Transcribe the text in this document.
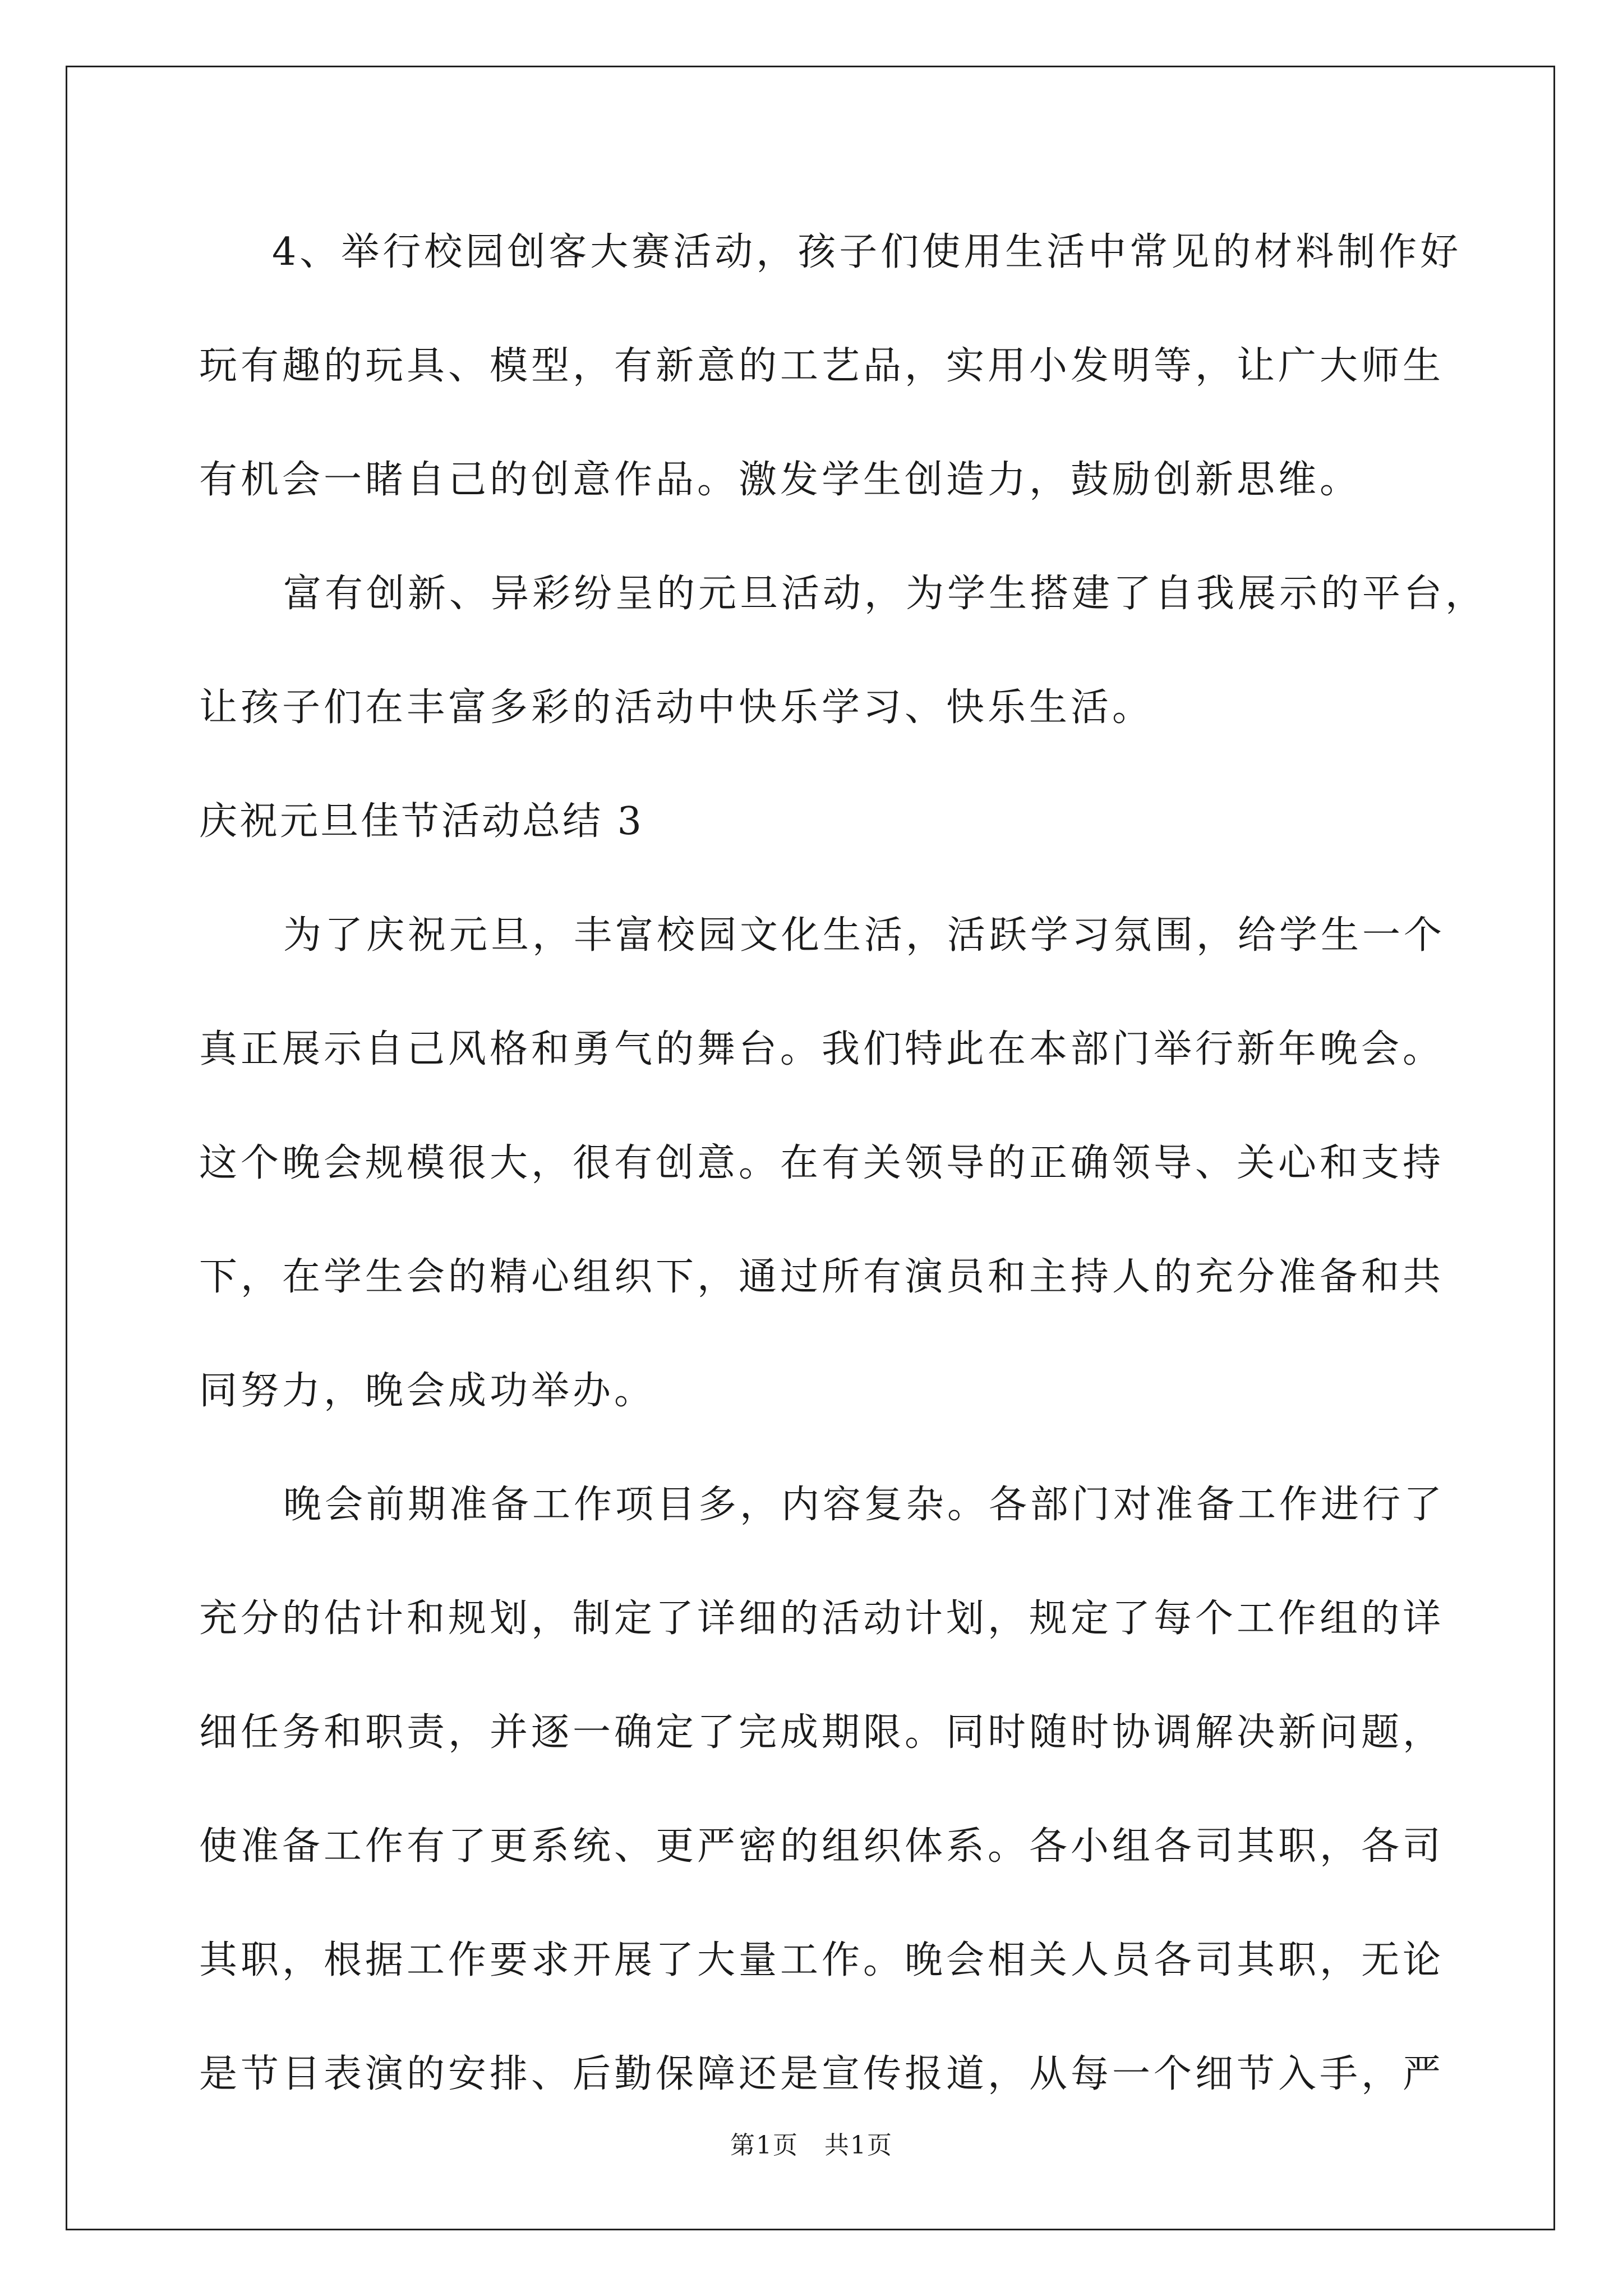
4、举行校园创客大赛活动，孩子们使用生活中常见的材料制作好
玩有趣的玩具、模型，有新意的工艺品，实用小发明等，让广大师生
有机会一睹自己的创意作品。激发学生创造力，鼓励创新思维。
富有创新、异彩纷呈的元旦活动，为学生搭建了自我展示的平台，
让孩子们在丰富多彩的活动中快乐学习、快乐生活。
庆祝元旦佳节活动总结 3
为了庆祝元旦，丰富校园文化生活，活跃学习氛围，给学生一个
真正展示自己风格和勇气的舞台。我们特此在本部门举行新年晚会。
这个晚会规模很大，很有创意。在有关领导的正确领导、关心和支持
下，在学生会的精心组织下，通过所有演员和主持人的充分准备和共
同努力，晚会成功举办。
晚会前期准备工作项目多，内容复杂。各部门对准备工作进行了
充分的估计和规划，制定了详细的活动计划，规定了每个工作组的详
细任务和职责，并逐一确定了完成期限。同时随时协调解决新问题，
使准备工作有了更系统、更严密的组织体系。各小组各司其职，各司
其职，根据工作要求开展了大量工作。晚会相关人员各司其职，无论
是节目表演的安排、后勤保障还是宣传报道，从每一个细节入手，严
第1页　共1页
